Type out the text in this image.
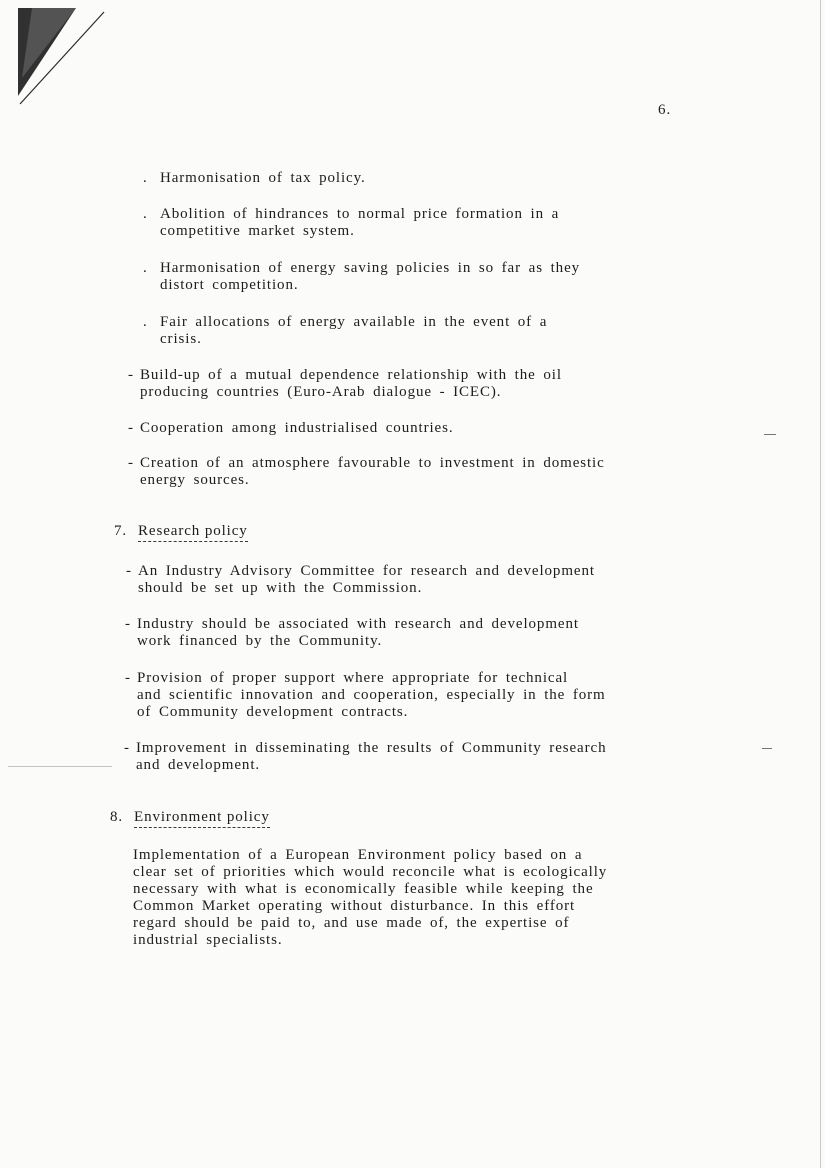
6.
. Harmonisation of tax policy.
. Abolition of hindrances to normal price formation in a
competitive market system.
. Harmonisation of energy saving policies in so far as they
distort competition.
. Fair allocations of energy available in the event of a
crisis.
- Build-up of a mutual dependence relationship with the oil
producing countries (Euro-Arab dialogue - ICEC).
- Cooperation among industrialised countries.
- Creation of an atmosphere favourable to investment in domestic
energy sources.
7. Research policy
- An Industry Advisory Committee for research and development
should be set up with the Commission.
- Industry should be associated with research and development
work financed by the Community.
- Provision of proper support where appropriate for technical
and scientific innovation and cooperation, especially in the form
of Community development contracts.
- Improvement in disseminating the results of Community research
and development.
8. Environment policy
Implementation of a European Environment policy based on a
clear set of priorities which would reconcile what is ecologically
necessary with what is economically feasible while keeping the
Common Market operating without disturbance. In this effort
regard should be paid to, and use made of, the expertise of
industrial specialists.
